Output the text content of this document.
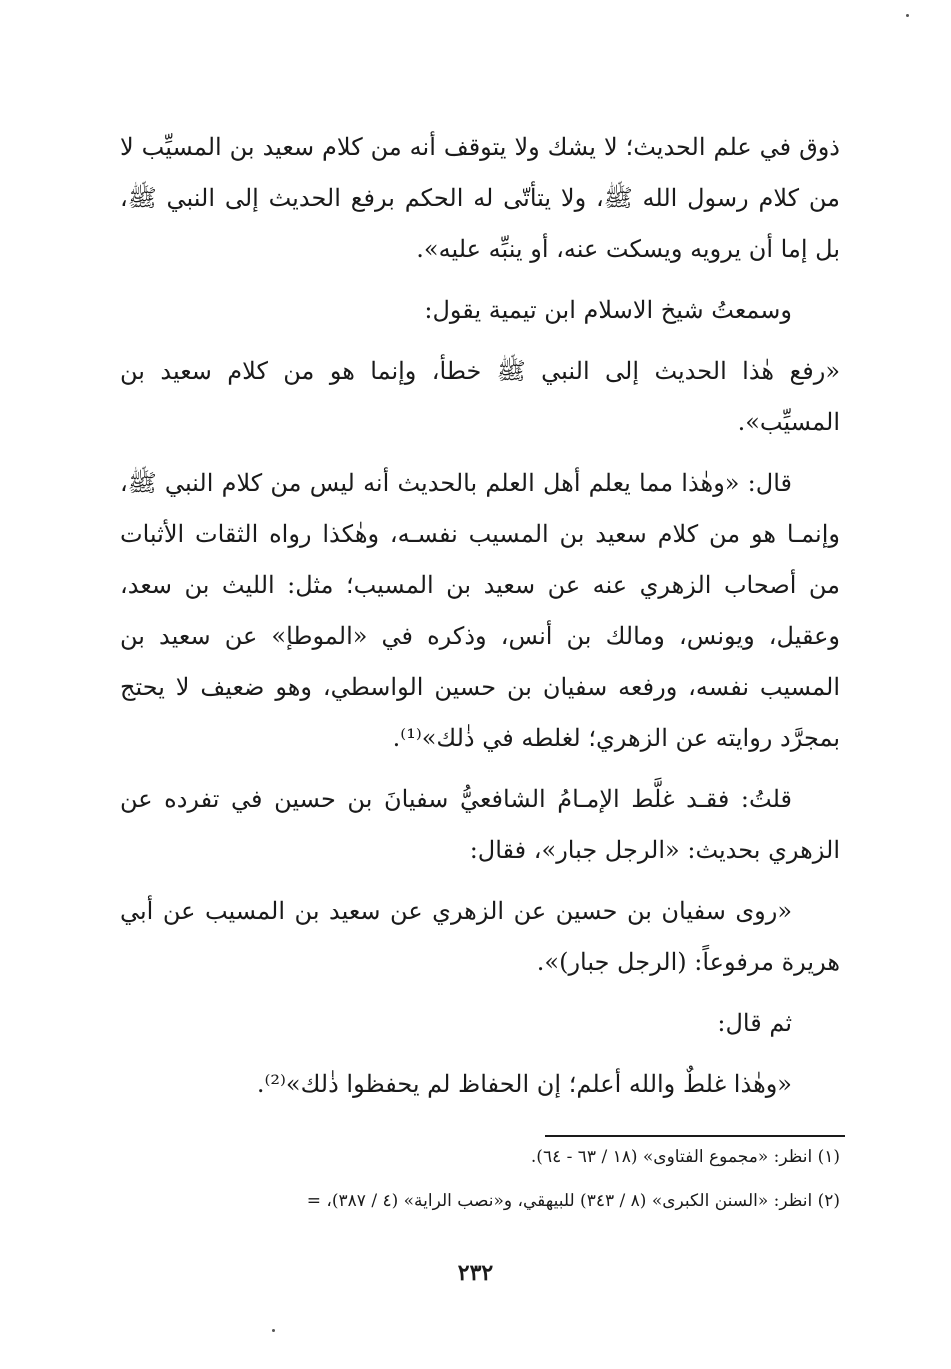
ذوق في علم الحديث؛ لا يشك ولا يتوقف أنه من كلام سعيد بن المسيِّب لا من كلام رسول الله ﷺ، ولا يتأتّى له الحكم برفع الحديث إلى النبي ﷺ، بل إما أن يرويه ويسكت عنه، أو ينبِّه عليه».

وسمعتُ شيخ الاسلام ابن تيمية يقول:

«رفع هٰذا الحديث إلى النبي ﷺ خطأ، وإنما هو من كلام سعيد بن المسيِّب».

قال: «وهٰذا مما يعلم أهل العلم بالحديث أنه ليس من كلام النبي ﷺ، وإنمـا هو من كلام سعيد بن المسيب نفسـه، وهٰكذا رواه الثقات الأثبات من أصحاب الزهري عنه عن سعيد بن المسيب؛ مثل: الليث بن سعد، وعقيل، ويونس، ومالك بن أنس، وذكره في «الموطإ» عن سعيد بن المسيب نفسه، ورفعه سفيان بن حسين الواسطي، وهو ضعيف لا يحتج بمجرَّد روايته عن الزهري؛ لغلطه في ذٰلك»⁽¹⁾.

قلتُ: فقـد غلَّط الإمـامُ الشافعيُّ سفيانَ بن حسين في تفرده عن الزهري بحديث: «الرجل جبار»، فقال:

«روى سفيان بن حسين عن الزهري عن سعيد بن المسيب عن أبي هريرة مرفوعاً: (الرجل جبار)».

ثم قال:

«وهٰذا غلطٌ والله أعلم؛ إن الحفاظ لم يحفظوا ذٰلك»⁽²⁾.

(١) انظر: «مجموع الفتاوى» (١٨ / ٦٣ - ٦٤).

(٢) انظر: «السنن الكبرى» (٨ / ٣٤٣) للبيهقي، و«نصب الراية» (٤ / ٣٨٧)، =

٢٣٢
